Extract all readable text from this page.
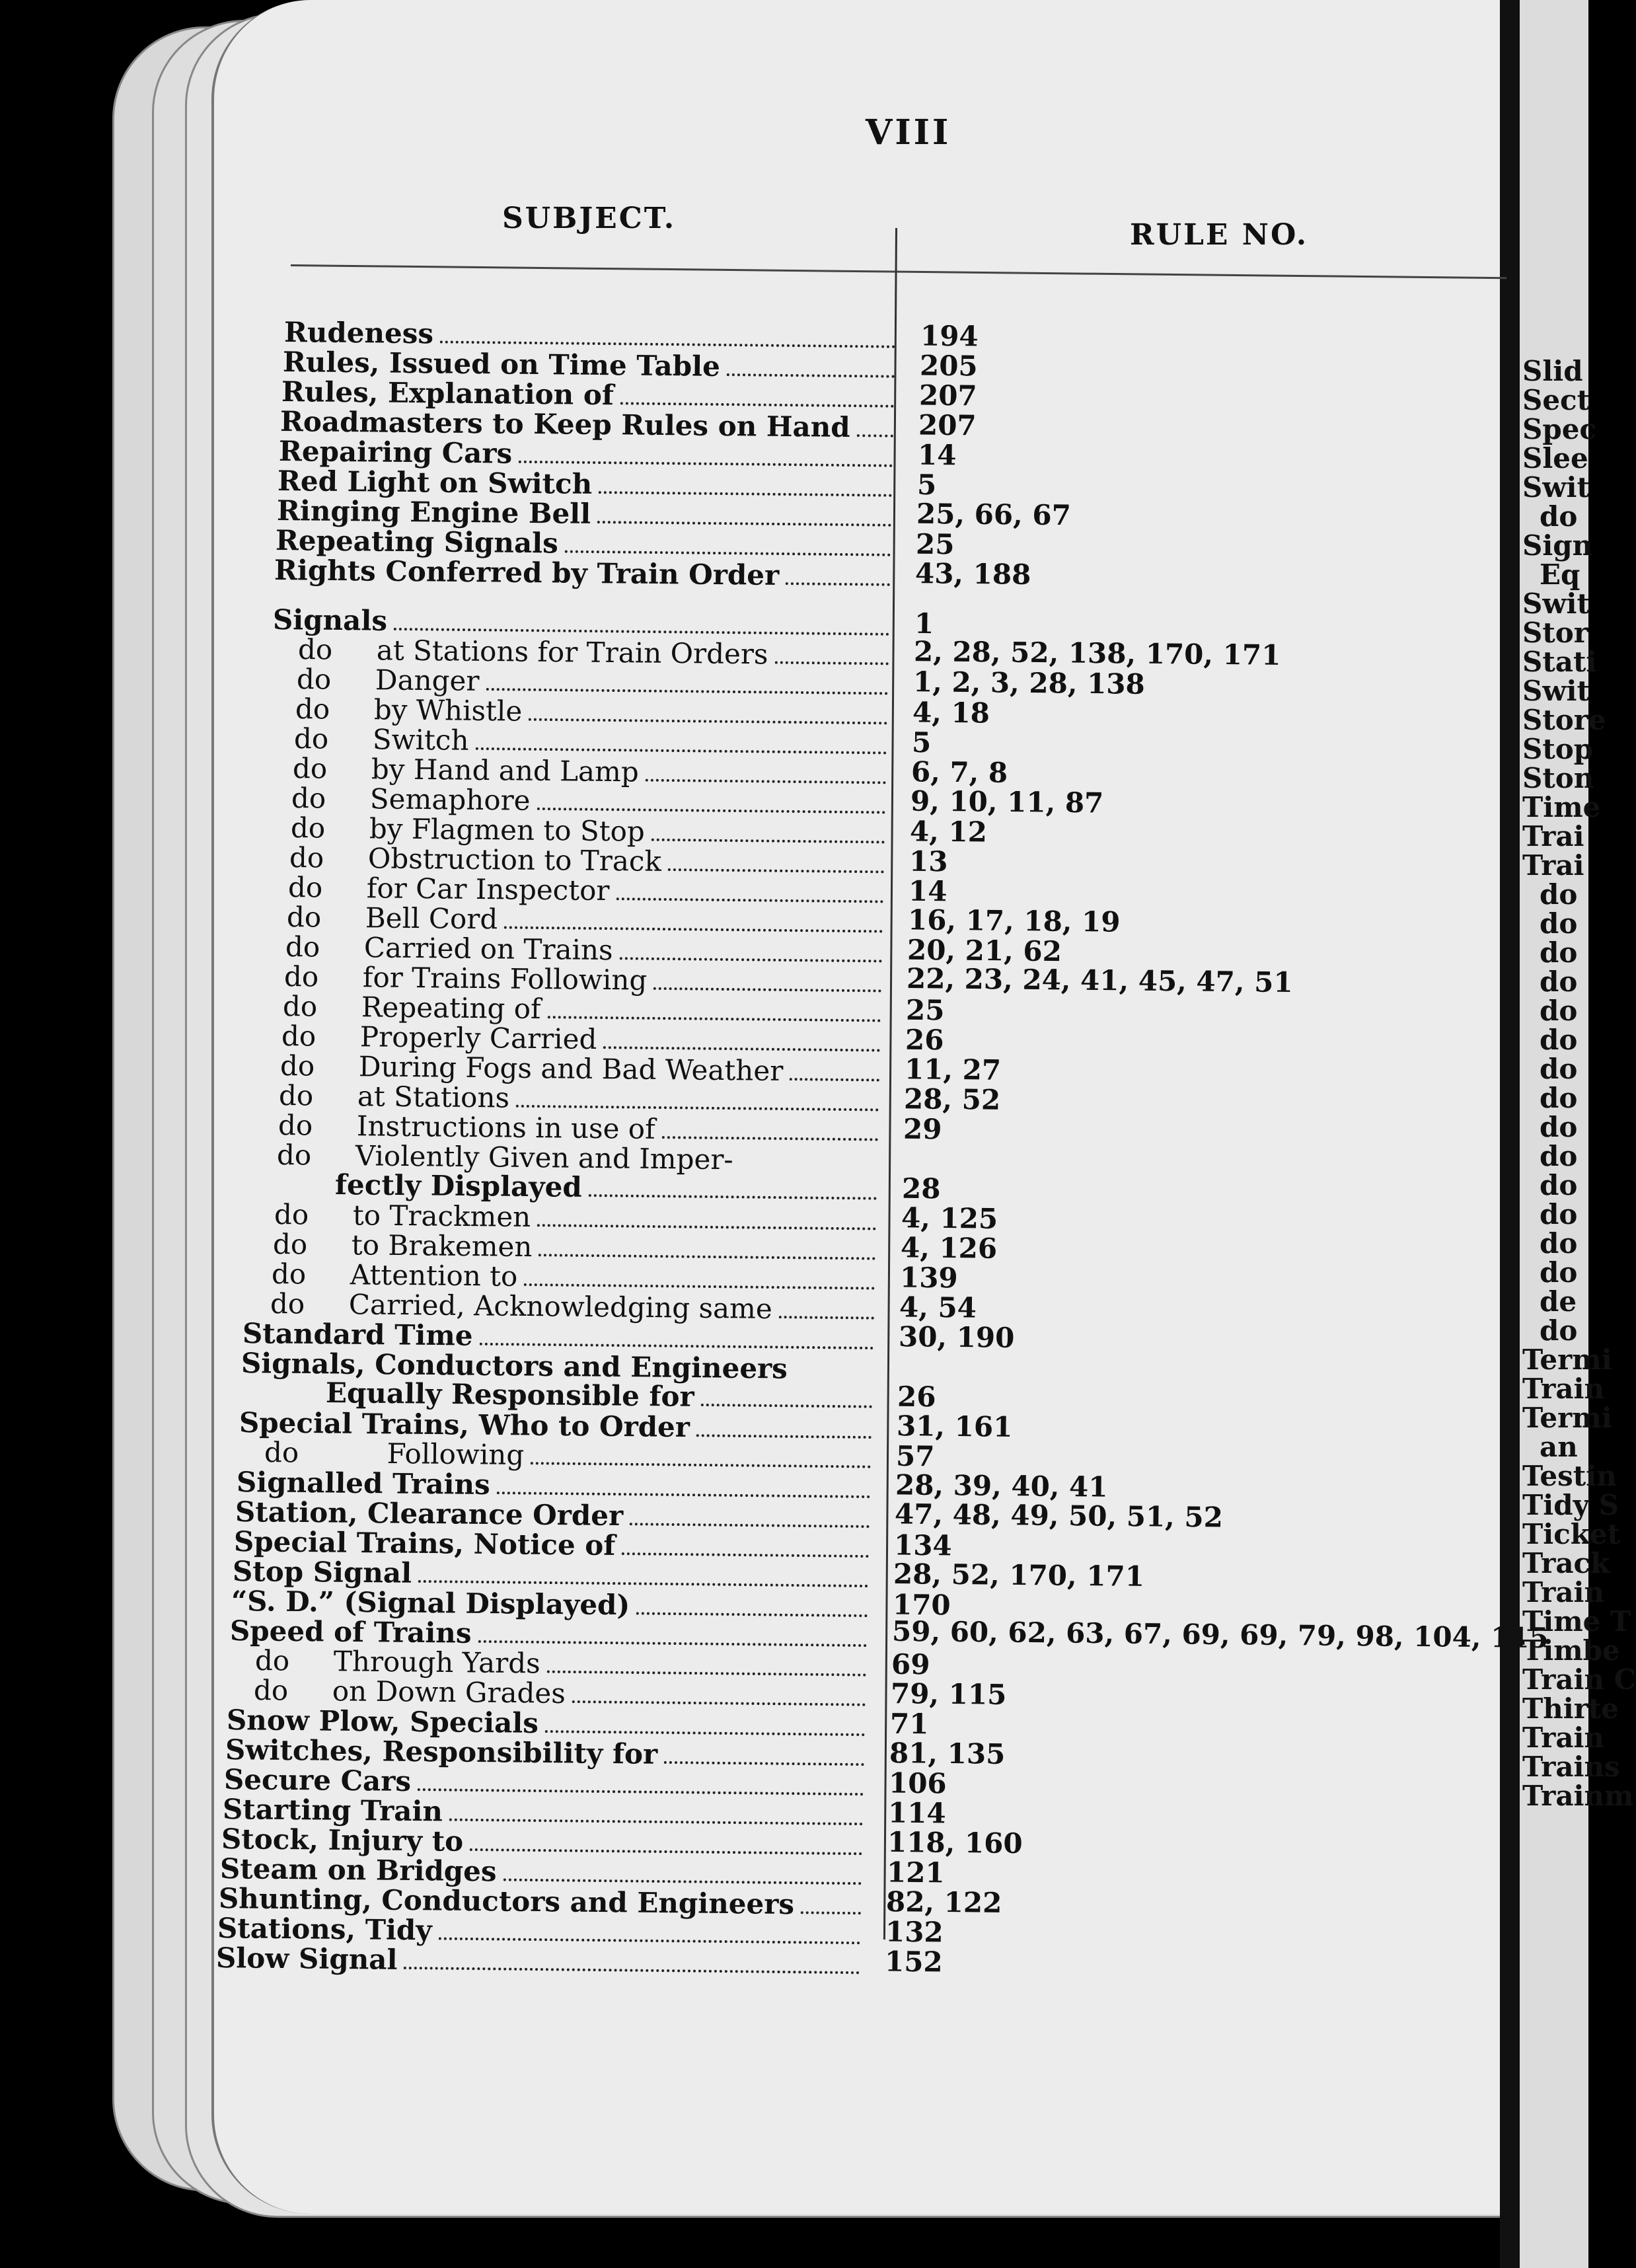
Slid
Sect
Spec
Slee
Swit
do
Sign
Eq
Swit
Stor
Stati
Swit
Store
Stop
Ston
Time
Trai
Trai
do
do
do
do
do
do
do
do
do
do
do
do
do
do
de
do
Termi
Train
Termi
an
Testin
Tidy S
Ticket
Track
Train
Time T
Timbe
Train C
Thirte
Train
Trains
Trainm
VIII
SUBJECT.	RULE NO.
Rudeness	194
Rules, Issued on Time Table	205
Rules, Explanation of	207
Roadmasters to Keep Rules on Hand 207
Repairing Cars	14
Red Light on Switch	5
Ringing Engine Bell	25, 66, 67
Repeating Signals	25
Rights Conferred by Train Order	43, 188
Signals	1
do     at Stations for Train Orders	2, 28, 52, 138, 170, 171
do     Danger	1, 2, 3, 28, 138
do     by Whistle	4, 18
do     Switch	5
do     by Hand and Lamp	6, 7, 8
do     Semaphore	9, 10, 11, 87
do     by Flagmen to Stop	4, 12
do     Obstruction to Track	13
do     for Car Inspector	14
do     Bell Cord	16, 17, 18, 19
do     Carried on Trains	20, 21, 62
do     for Trains Following	22, 23, 24, 41, 45, 47, 51
do     Repeating of	25
do     Properly Carried	26
do     During Fogs and Bad Weather	11, 27
do     at Stations	28, 52
do     Instructions in use of	29
do     Violently Given and Imper-
fectly Displayed	28
do     to Trackmen	4, 125
do     to Brakemen	4, 126
do     Attention to	139
do     Carried, Acknowledging same	4, 54
Standard Time	30, 190
Signals, Conductors and Engineers
Equally Responsible for	26
Special Trains, Who to Order	31, 161
do          Following	57
Signalled Trains	28, 39, 40, 41
Station, Clearance Order	47, 48, 49, 50, 51, 52
Special Trains, Notice of	134
Stop Signal	28, 52, 170, 171
“S. D.” (Signal Displayed)	170
Speed of Trains	59, 60, 62, 63, 67, 69, 69, 79, 98, 104, 115
do     Through Yards	69
do     on Down Grades	79, 115
Snow Plow, Specials	71
Switches, Responsibility for	81, 135
Secure Cars	106
Starting Train	114
Stock, Injury to	118, 160
Steam on Bridges	121
Shunting, Conductors and Engineers	82, 122
Stations, Tidy	132
Slow Signal	152
